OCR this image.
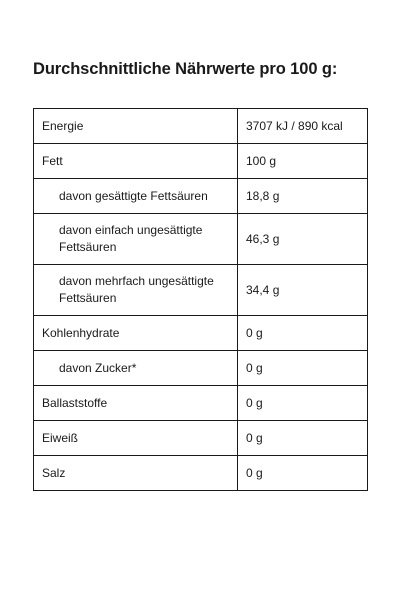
Durchschnittliche Nährwerte pro 100 g:
Energie	3707 kJ / 890 kcal
Fett	100 g
davon gesättigte Fettsäuren	18,8 g
davon einfach ungesättigte Fettsäuren	46,3 g
davon mehrfach ungesättigte Fettsäuren	34,4 g
Kohlenhydrate	0 g
davon Zucker*	0 g
Ballaststoffe	0 g
Eiweiß	0 g
Salz	0 g
